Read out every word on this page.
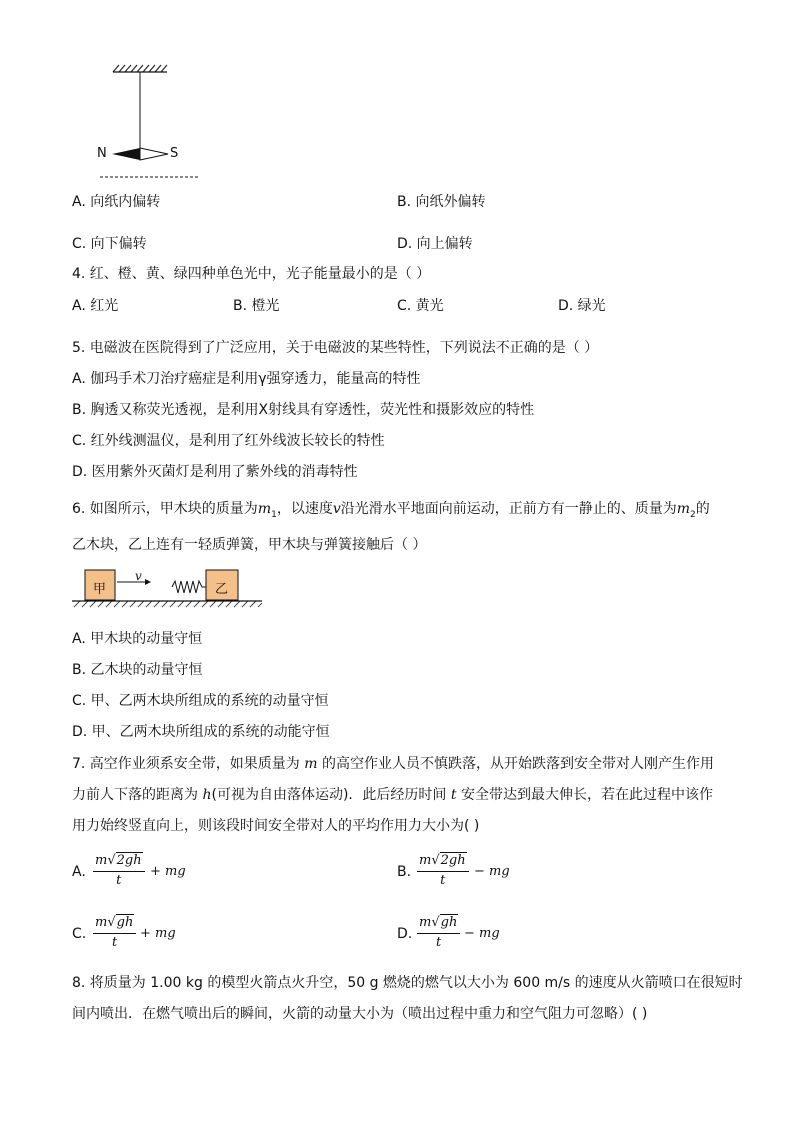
N	S
A. 向纸内偏转	B. 向纸外偏转
C. 向下偏转	D. 向上偏转
4. 红、橙、黄、绿四种单色光中，光子能量最小的是（ ）
A. 红光	B. 橙光	C. 黄光	D. 绿光
5. 电磁波在医院得到了广泛应用，关于电磁波的某些特性，下列说法不正确的是（ ）
A. 伽玛手术刀治疗癌症是利用γ强穿透力，能量高的特性
B. 胸透又称荧光透视，是利用X射线具有穿透性，荧光性和摄影效应的特性
C. 红外线测温仪，是利用了红外线波长较长的特性
D. 医用紫外灭菌灯是利用了紫外线的消毒特性
6. 如图所示，甲木块的质量为$m_1$，以速度v沿光滑水平地面向前运动，正前方有一静止的、质量为$m_2$的
乙木块，乙上连有一轻质弹簧，甲木块与弹簧接触后（ ）
甲
v
乙
A. 甲木块的动量守恒
B. 乙木块的动量守恒
C. 甲、乙两木块所组成的系统的动量守恒
D. 甲、乙两木块所组成的系统的动能守恒
7. 高空作业须系安全带，如果质量为 m 的高空作业人员不慎跌落，从开始跌落到安全带对人刚产生作用
力前人下落的距离为 h(可视为自由落体运动)．此后经历时间 t 安全带达到最大伸长，若在此过程中该作
用力始终竖直向上，则该段时间安全带对人的平均作用力大小为( )
A. $\frac{m√2gh}{t}$ + mg	B. $\frac{m√2gh}{t}$ − mg
C. $\frac{m√gh}{t}$ + mg	D. $\frac{m√gh}{t}$ − mg
8. 将质量为 1.00 kg 的模型火箭点火升空，50 g 燃烧的燃气以大小为 600 m/s 的速度从火箭喷口在很短时
间内喷出．在燃气喷出后的瞬间，火箭的动量大小为（喷出过程中重力和空气阻力可忽略）( )
